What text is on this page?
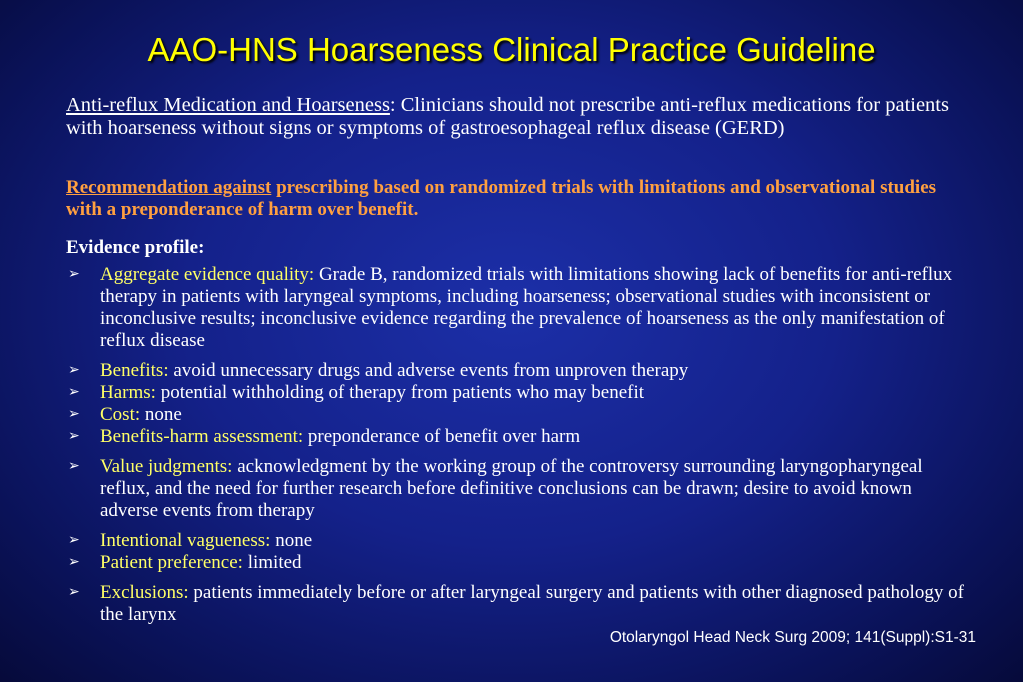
AAO-HNS Hoarseness Clinical Practice Guideline
Anti-reflux Medication and Hoarseness: Clinicians should not prescribe anti-reflux medications for patients with hoarseness without signs or symptoms of gastroesophageal reflux disease (GERD)
Recommendation against prescribing based on randomized trials with limitations and observational studies with a preponderance of harm over benefit.
Evidence profile:
➢ Aggregate evidence quality: Grade B, randomized trials with limitations showing lack of benefits for anti-reflux therapy in patients with laryngeal symptoms, including hoarseness; observational studies with inconsistent or inconclusive results; inconclusive evidence regarding the prevalence of hoarseness as the only manifestation of reflux disease
➢ Benefits: avoid unnecessary drugs and adverse events from unproven therapy
➢ Harms: potential withholding of therapy from patients who may benefit
➢ Cost: none
➢ Benefits-harm assessment: preponderance of benefit over harm
➢ Value judgments: acknowledgment by the working group of the controversy surrounding laryngopharyngeal reflux, and the need for further research before definitive conclusions can be drawn; desire to avoid known adverse events from therapy
➢ Intentional vagueness: none
➢ Patient preference: limited
➢ Exclusions: patients immediately before or after laryngeal surgery and patients with other diagnosed pathology of the larynx
Otolaryngol Head Neck Surg 2009; 141(Suppl):S1-31
